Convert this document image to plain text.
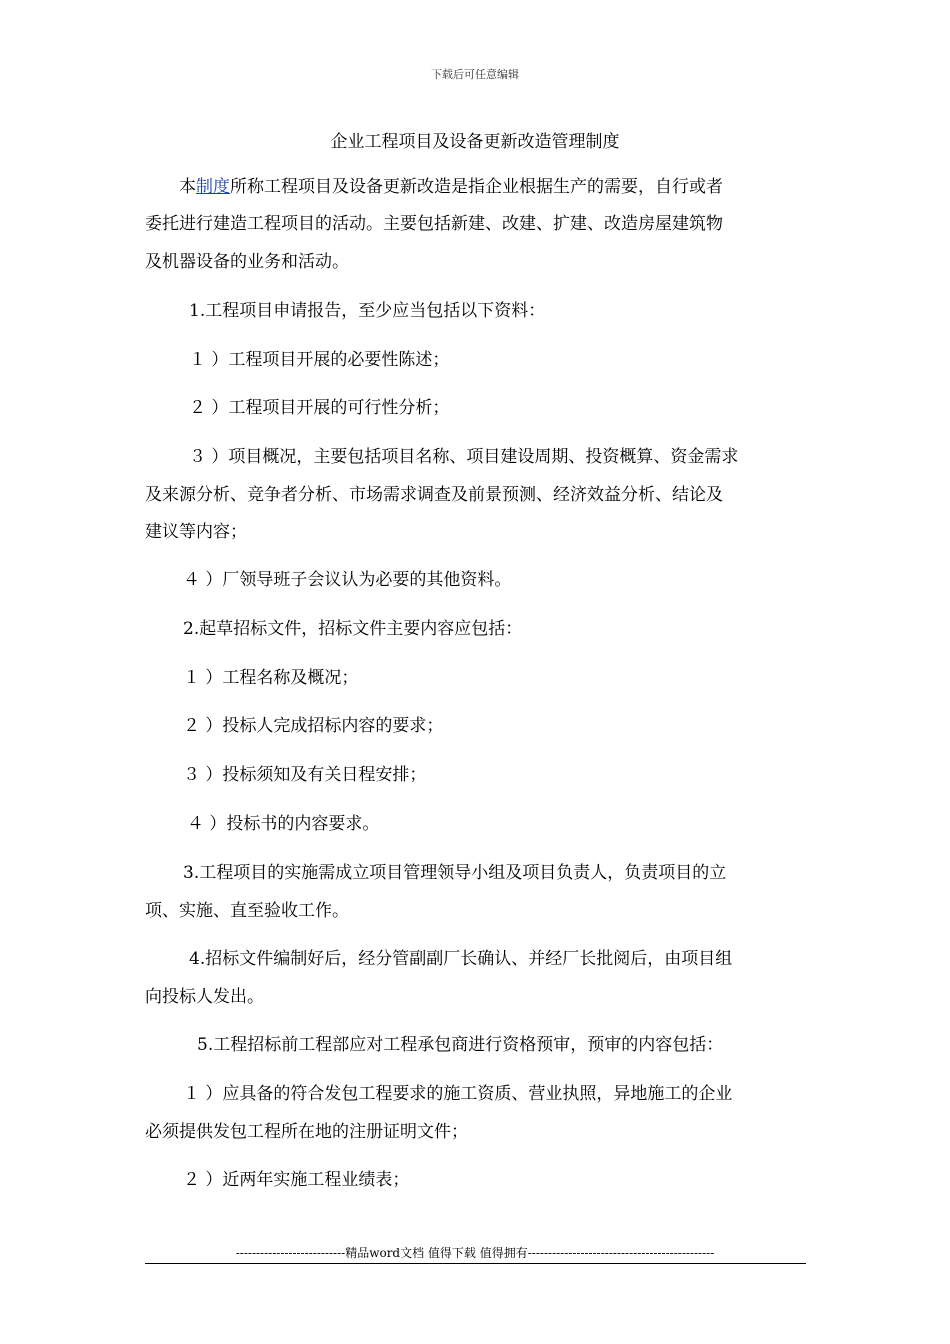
下载后可任意编辑
企业工程项目及设备更新改造管理制度

本制度所称工程项目及设备更新改造是指企业根据生产的需要，自行或者

委托进行建造工程项目的活动。主要包括新建、改建、扩建、改造房屋建筑物

及机器设备的业务和活动。

1.工程项目申请报告，至少应当包括以下资料：

１ ）工程项目开展的必要性陈述；

２ ）工程项目开展的可行性分析；

３ ）项目概况，主要包括项目名称、项目建设周期、投资概算、资金需求

及来源分析、竞争者分析、市场需求调查及前景预测、经济效益分析、结论及

建议等内容；

４ ）厂领导班子会议认为必要的其他资料。

2.起草招标文件，招标文件主要内容应包括：

１ ）工程名称及概况；

２ ）投标人完成招标内容的要求；

３ ）投标须知及有关日程安排；

４ ）投标书的内容要求。

3.工程项目的实施需成立项目管理领导小组及项目负责人，负责项目的立

项、实施、直至验收工作。

4.招标文件编制好后，经分管副副厂长确认、并经厂长批阅后，由项目组

向投标人发出。

5.工程招标前工程部应对工程承包商进行资格预审，预审的内容包括：

１ ）应具备的符合发包工程要求的施工资质、营业执照，异地施工的企业

必须提供发包工程所在地的注册证明文件；

２ ）近两年实施工程业绩表；

---------------------------精品word文档 值得下载 值得拥有----------------------------------------------
